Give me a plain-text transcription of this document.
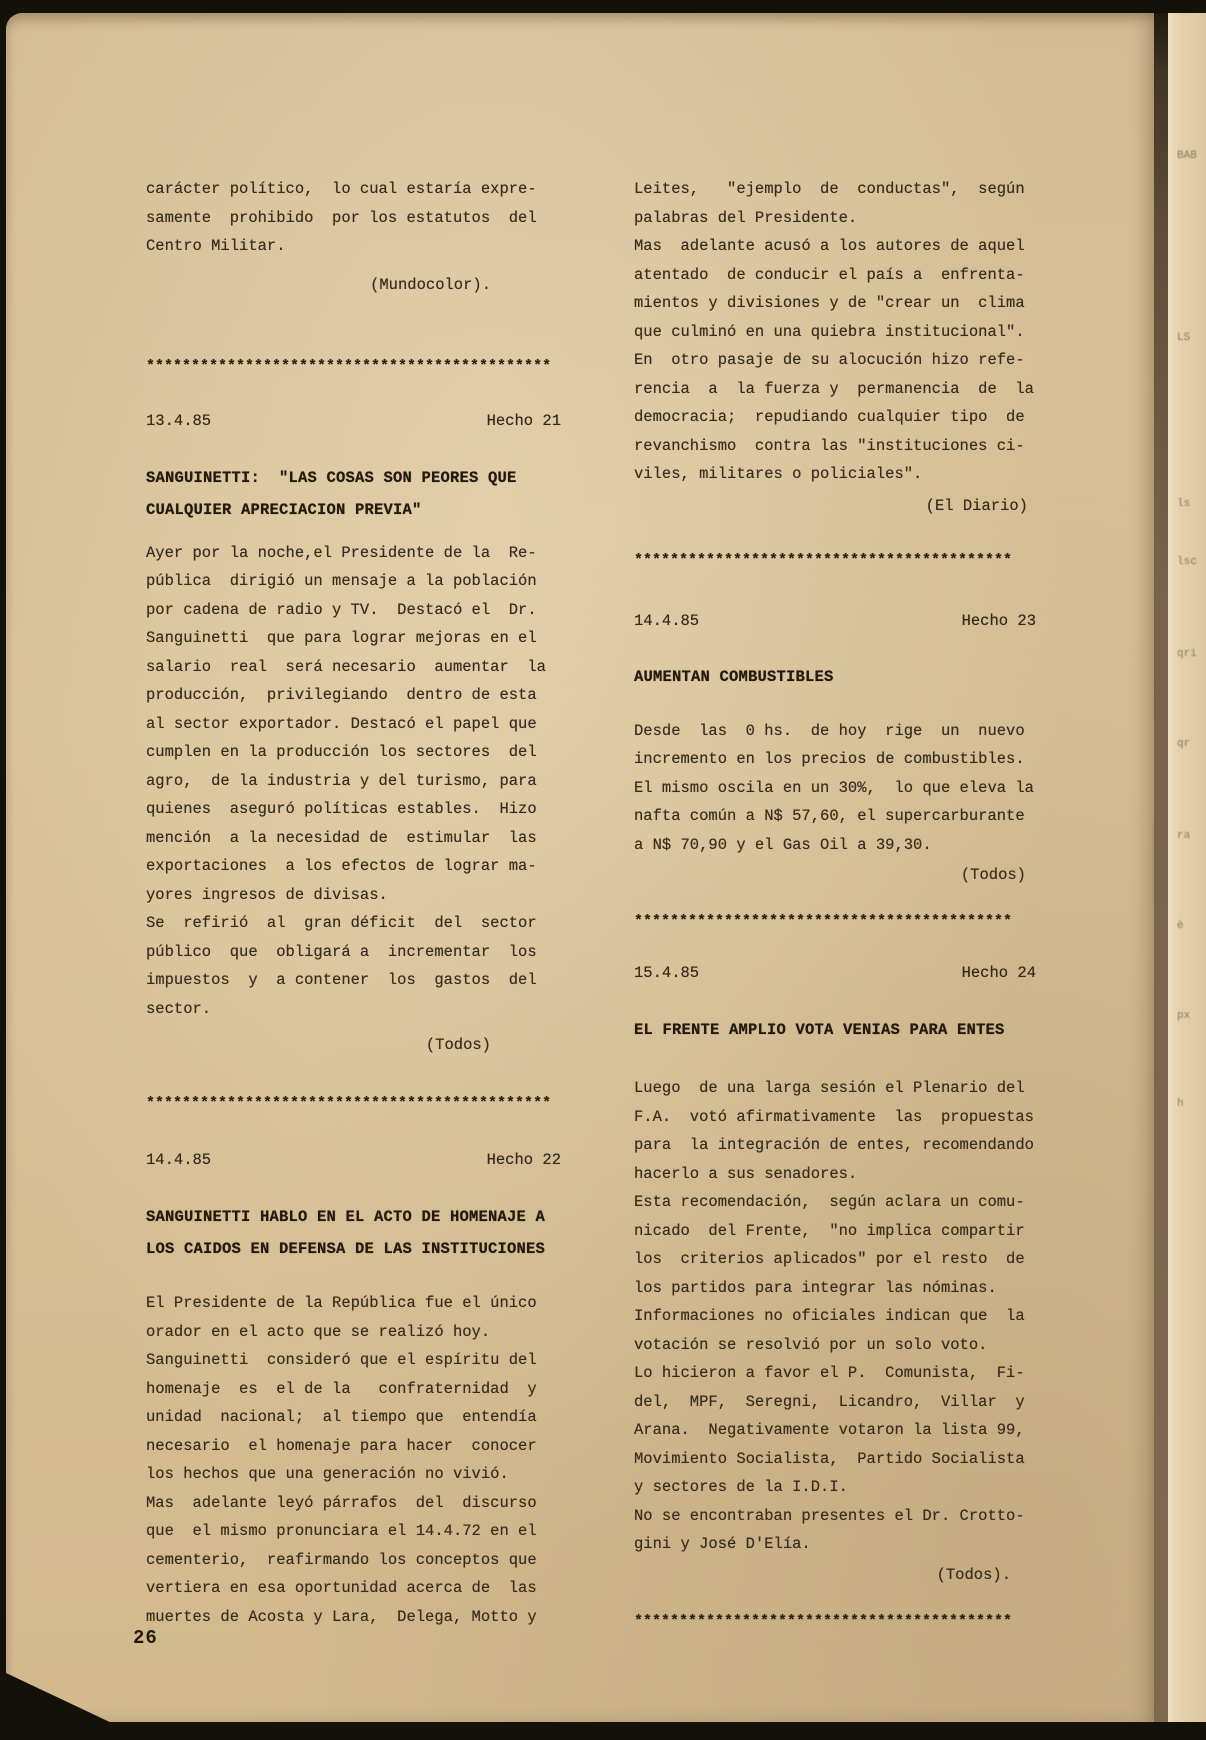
carácter político,  lo cual estaría expre-
samente  prohibido  por los estatutos  del
Centro Militar.
(Mundocolor).
*********************************************
13.4.85	Hecho 21
SANGUINETTI:  "LAS COSAS SON PEORES QUE
CUALQUIER APRECIACION PREVIA"
Ayer por la noche,el Presidente de la  Re-
pública  dirigió un mensaje a la población
por cadena de radio y TV.  Destacó el  Dr.
Sanguinetti  que para lograr mejoras en el
salario  real  será necesario  aumentar  la
producción,  privilegiando  dentro de esta
al sector exportador. Destacó el papel que
cumplen en la producción los sectores  del
agro,  de la industria y del turismo, para
quienes  aseguró políticas estables.  Hizo
mención  a la necesidad de  estimular  las
exportaciones  a los efectos de lograr ma-
yores ingresos de divisas.
Se  refirió  al  gran déficit  del  sector
público  que  obligará a  incrementar  los
impuestos  y  a contener  los  gastos  del
sector.
(Todos)
*********************************************
14.4.85	Hecho 22
SANGUINETTI HABLO EN EL ACTO DE HOMENAJE A
LOS CAIDOS EN DEFENSA DE LAS INSTITUCIONES
El Presidente de la República fue el único
orador en el acto que se realizó hoy.
Sanguinetti  consideró que el espíritu del
homenaje  es  el de la   confraternidad  y
unidad  nacional;  al tiempo que  entendía
necesario  el homenaje para hacer  conocer
los hechos que una generación no vivió.
Mas  adelante leyó párrafos  del  discurso
que  el mismo pronunciara el 14.4.72 en el
cementerio,  reafirmando los conceptos que
vertiera en esa oportunidad acerca de  las
muertes de Acosta y Lara,  Delega, Motto y
Leites,   "ejemplo  de  conductas",  según
palabras del Presidente.
Mas  adelante acusó a los autores de aquel
atentado  de conducir el país a  enfrenta-
mientos y divisiones y de "crear un  clima
que culminó en una quiebra institucional".
En  otro pasaje de su alocución hizo refe-
rencia  a  la fuerza y  permanencia  de  la
democracia;  repudiando cualquier tipo  de
revanchismo  contra las "instituciones ci-
viles, militares o policiales".
(El Diario)
******************************************
14.4.85	Hecho 23
AUMENTAN COMBUSTIBLES
Desde  las  0 hs.  de hoy  rige  un  nuevo
incremento en los precios de combustibles.
El mismo oscila en un 30%,  lo que eleva la
nafta común a N$ 57,60, el supercarburante
a N$ 70,90 y el Gas Oil a 39,30.
(Todos)
******************************************
15.4.85	Hecho 24
EL FRENTE AMPLIO VOTA VENIAS PARA ENTES
Luego  de una larga sesión el Plenario del
F.A.  votó afirmativamente  las  propuestas
para  la integración de entes, recomendando
hacerlo a sus senadores.
Esta recomendación,  según aclara un comu-
nicado  del Frente,  "no implica compartir
los  criterios aplicados" por el resto  de
los partidos para integrar las nóminas.
Informaciones no oficiales indican que  la
votación se resolvió por un solo voto.
Lo hicieron a favor el P.  Comunista,  Fi-
del,  MPF,  Seregni,  Licandro,  Villar  y
Arana.  Negativamente votaron la lista 99,
Movimiento Socialista,  Partido Socialista
y sectores de la I.D.I.
No se encontraban presentes el Dr. Crotto-
gini y José D'Elía.
(Todos).
******************************************
26
BAB
LS
ls
lsc
qri
qr
ra
è
px
h
